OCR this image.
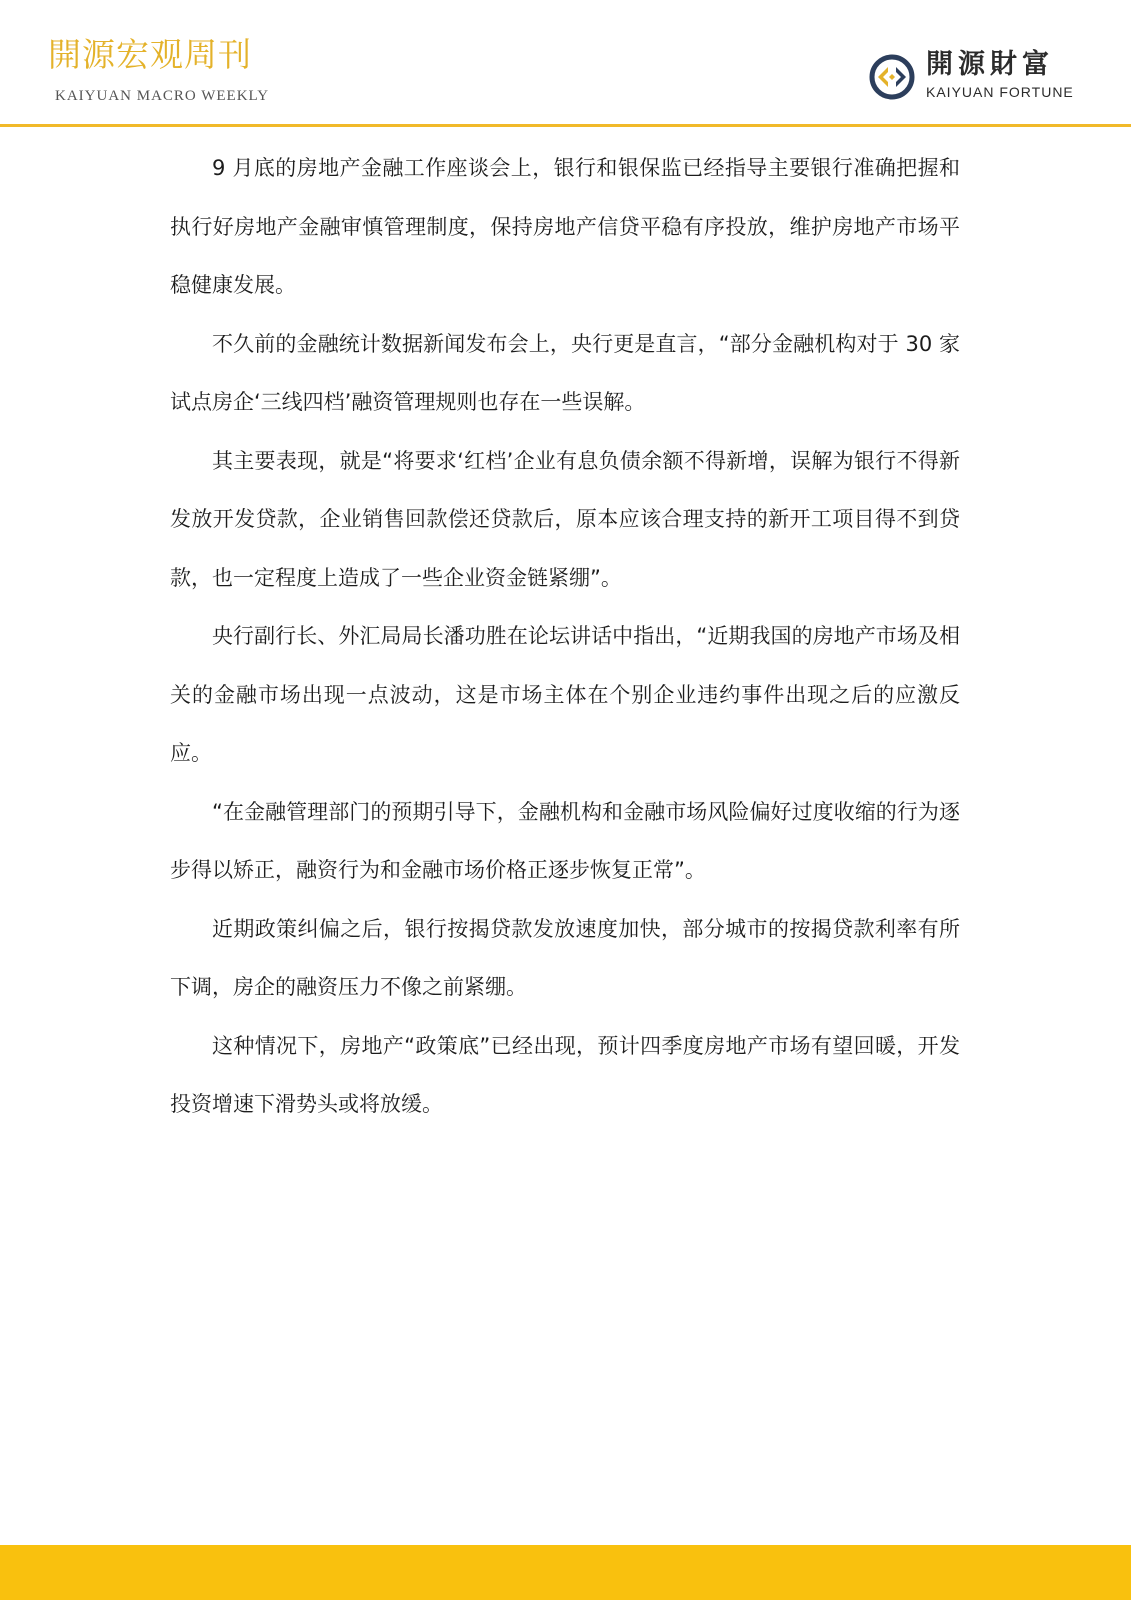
開源宏观周刊
KAIYUAN MACRO WEEKLY
開源財富
KAIYUAN FORTUNE

9 月底的房地产金融工作座谈会上，银行和银保监已经指导主要银行准确把握和执行好房地产金融审慎管理制度，保持房地产信贷平稳有序投放，维护房地产市场平稳健康发展。

不久前的金融统计数据新闻发布会上，央行更是直言，“部分金融机构对于 30 家试点房企‘三线四档’融资管理规则也存在一些误解。

其主要表现，就是“将要求‘红档’企业有息负债余额不得新增，误解为银行不得新发放开发贷款，企业销售回款偿还贷款后，原本应该合理支持的新开工项目得不到贷款，也一定程度上造成了一些企业资金链紧绷”。

央行副行长、外汇局局长潘功胜在论坛讲话中指出，“近期我国的房地产市场及相关的金融市场出现一点波动，这是市场主体在个别企业违约事件出现之后的应激反应。

“在金融管理部门的预期引导下，金融机构和金融市场风险偏好过度收缩的行为逐步得以矫正，融资行为和金融市场价格正逐步恢复正常”。

近期政策纠偏之后，银行按揭贷款发放速度加快，部分城市的按揭贷款利率有所下调，房企的融资压力不像之前紧绷。

这种情况下，房地产“政策底”已经出现，预计四季度房地产市场有望回暖，开发投资增速下滑势头或将放缓。
